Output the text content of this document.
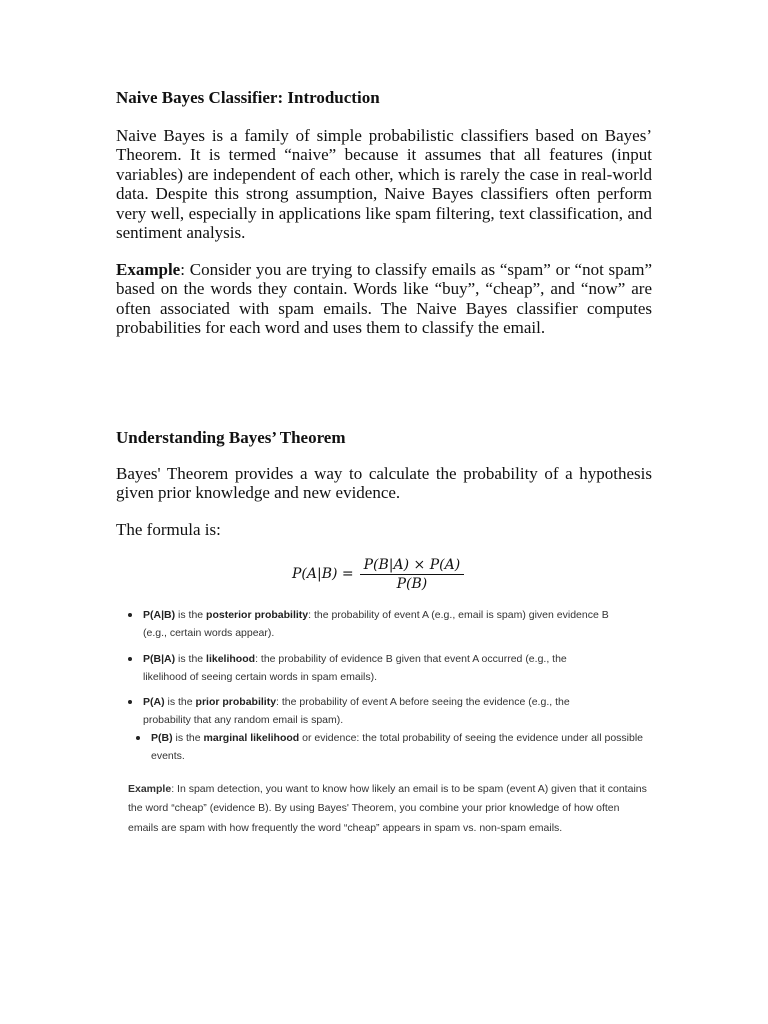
Naive Bayes Classifier: Introduction

Naive Bayes is a family of simple probabilistic classifiers based on Bayes’ Theorem. It is termed “naive” because it assumes that all features (input variables) are independent of each other, which is rarely the case in real-world data. Despite this strong assumption, Naive Bayes classifiers often perform very well, especially in applications like spam filtering, text classification, and sentiment analysis.

Example: Consider you are trying to classify emails as “spam” or “not spam” based on the words they contain. Words like “buy”, “cheap”, and “now” are often associated with spam emails. The Naive Bayes classifier computes probabilities for each word and uses them to classify the email.

Understanding Bayes’ Theorem

Bayes' Theorem provides a way to calculate the probability of a hypothesis given prior knowledge and new evidence.

The formula is:

$P(A|B) = \frac{P(B|A) \times P(A)}{P(B)}$
P(A|B) is the posterior probability: the probability of event A (e.g., email is spam) given evidence B (e.g., certain words appear).
P(B|A) is the likelihood: the probability of evidence B given that event A occurred (e.g., the likelihood of seeing certain words in spam emails).
P(A) is the prior probability: the probability of event A before seeing the evidence (e.g., the probability that any random email is spam).
P(B) is the marginal likelihood or evidence: the total probability of seeing the evidence under all possible events.
Example: In spam detection, you want to know how likely an email is to be spam (event A) given that it contains the word “cheap” (evidence B). By using Bayes' Theorem, you combine your prior knowledge of how often emails are spam with how frequently the word “cheap” appears in spam vs. non-spam emails.
